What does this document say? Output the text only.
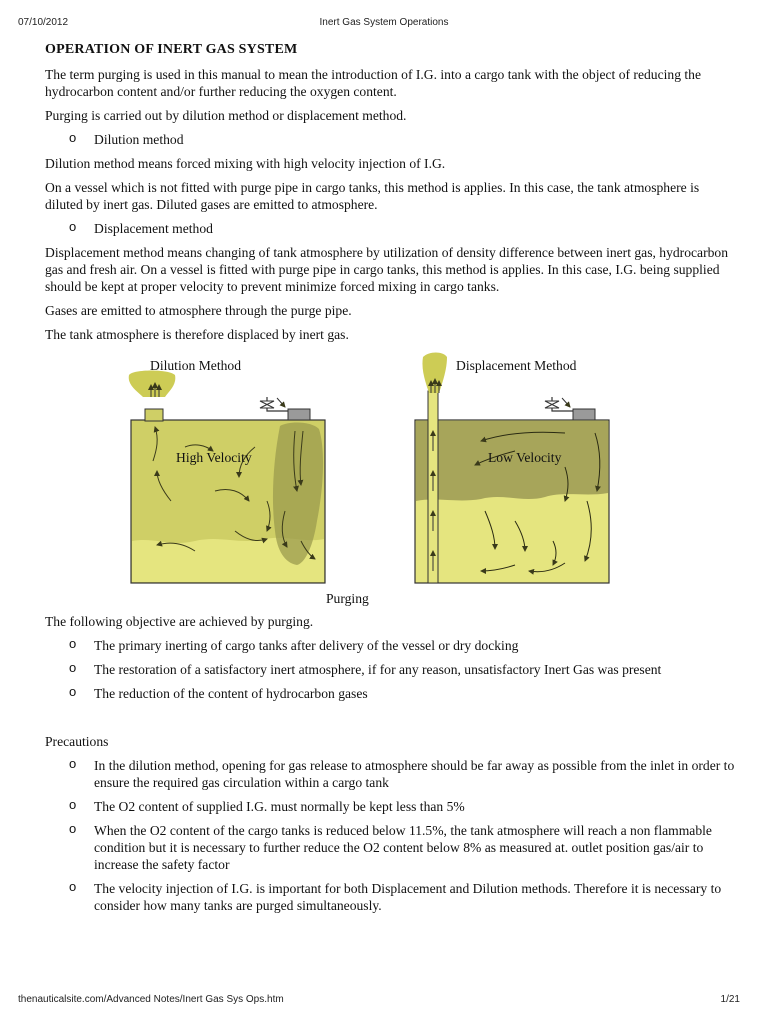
07/10/2012	Inert Gas System Operations
OPERATION OF INERT GAS SYSTEM

The term purging is used in this manual to mean the introduction of I.G. into a cargo tank with the object of reducing the hydrocarbon content and/or further reducing the oxygen content.

Purging is carried out by dilution method or displacement method.

o Dilution method

Dilution method means forced mixing with high velocity injection of I.G.

On a vessel which is not fitted with purge pipe in cargo tanks, this method is applies. In this case, the tank atmosphere is diluted by inert gas. Diluted gases are emitted to atmosphere.

o Displacement method

Displacement method means changing of tank atmosphere by utilization of density difference between inert gas, hydrocarbon gas and fresh air. On a vessel is fitted with purge pipe in cargo tanks, this method is applies. In this case, I.G. being supplied should be kept at proper velocity to prevent minimize forced mixing in cargo tanks.

Gases are emitted to atmosphere through the purge pipe.

The tank atmosphere is therefore displaced by inert gas.

Dilution Method	Displacement Method
High Velocity	Low Velocity
Purging

The following objective are achieved by purging.

o The primary inerting of cargo tanks after delivery of the vessel or dry docking
o The restoration of a satisfactory inert atmosphere, if for any reason, unsatisfactory Inert Gas was present
o The reduction of the content of hydrocarbon gases

Precautions

o In the dilution method, opening for gas release to atmosphere should be far away as possible from the inlet in order to ensure the required gas circulation within a cargo tank
o The O2 content of supplied I.G. must normally be kept less than 5%
o When the O2 content of the cargo tanks is reduced below 11.5%, the tank atmosphere will reach a non flammable condition but it is necessary to further reduce the O2 content below 8% as measured at. outlet position gas/air to increase the safety factor
o The velocity injection of I.G. is important for both Displacement and Dilution methods. Therefore it is necessary to consider how many tanks are purged simultaneously.
thenauticalsite.com/Advanced Notes/Inert Gas Sys Ops.htm	1/21
